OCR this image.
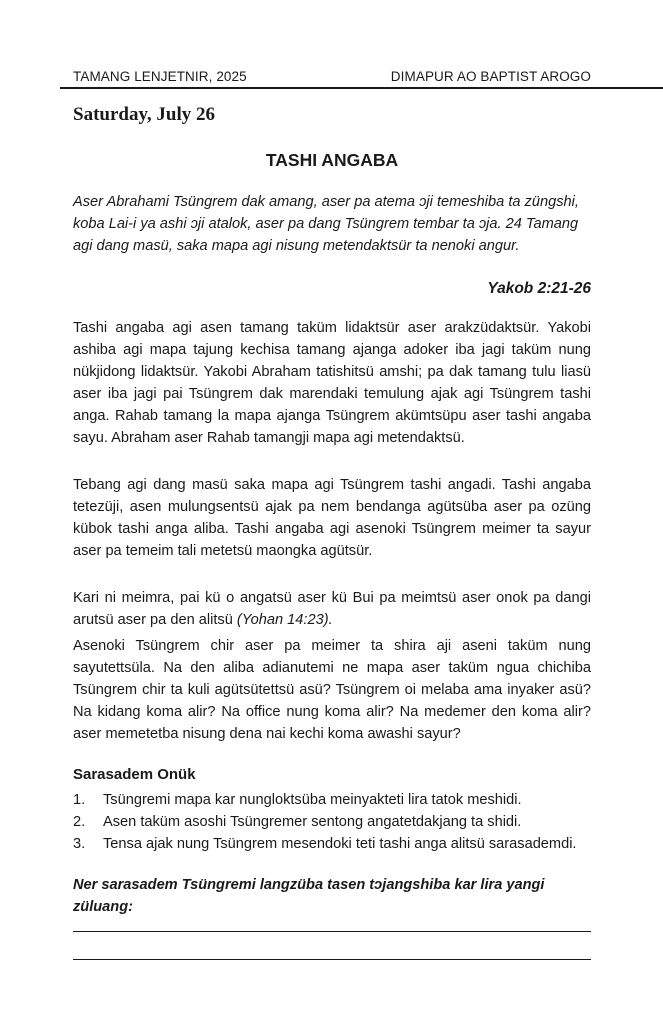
TAMANG LENJETNIR, 2025	DIMAPUR AO BAPTIST AROGO
Saturday, July 26
TASHI ANGABA
Aser Abrahami Tsüngrem dak amang, aser pa atema ɔji temeshiba ta züngshi, koba Lai-i ya ashi ɔji atalok, aser pa dang Tsüngrem tembar ta ɔja. 24 Tamang agi dang masü, saka mapa agi nisung metendaktsür ta nenoki angur.
Yakob 2:21-26

Tashi angaba agi asen tamang taküm lidaktsür aser arakzüdaktsür. Yakobi ashiba agi mapa tajung kechisa tamang ajanga adoker iba jagi taküm nung nükjidong lidaktsür. Yakobi Abraham tatishitsü amshi; pa dak tamang tulu liasü aser iba jagi pai Tsüngrem dak marendaki temulung ajak agi Tsüngrem tashi anga. Rahab tamang la mapa ajanga Tsüngrem akümtsüpu aser tashi angaba sayu. Abraham aser Rahab tamangji mapa agi metendaktsü.

Tebang agi dang masü saka mapa agi Tsüngrem tashi angadi. Tashi angaba tetezüji, asen mulungsentsü ajak pa nem bendanga agütsüba aser pa ozüng kübok tashi anga aliba. Tashi angaba agi asenoki Tsüngrem meimer ta sayur aser pa temeim tali metetsü maongka agütsür.

Kari ni meimra, pai kü o angatsü aser kü Bui pa meimtsü aser onok pa dangi arutsü aser pa den alitsü (Yohan 14:23).

Asenoki Tsüngrem chir aser pa meimer ta shira aji aseni taküm nung sayutettsüla. Na den aliba adianutemi ne mapa aser taküm ngua chichiba Tsüngrem chir ta kuli agütsütettsü asü? Tsüngrem oi melaba ama inyaker asü? Na kidang koma alir? Na office nung koma alir? Na medemer den koma alir? aser memetetba nisung dena nai kechi koma awashi sayur?

Sarasadem Onük
1.	Tsüngremi mapa kar nungloktsüba meinyakteti lira tatok meshidi.
2.	Asen taküm asoshi Tsüngremer sentong angatetdakjang ta shidi.
3.	Tensa ajak nung Tsüngrem mesendoki teti tashi anga alitsü sarasademdi.
Ner sarasadem Tsüngremi langzüba tasen tɔjangshiba kar lira yangi züluang:
